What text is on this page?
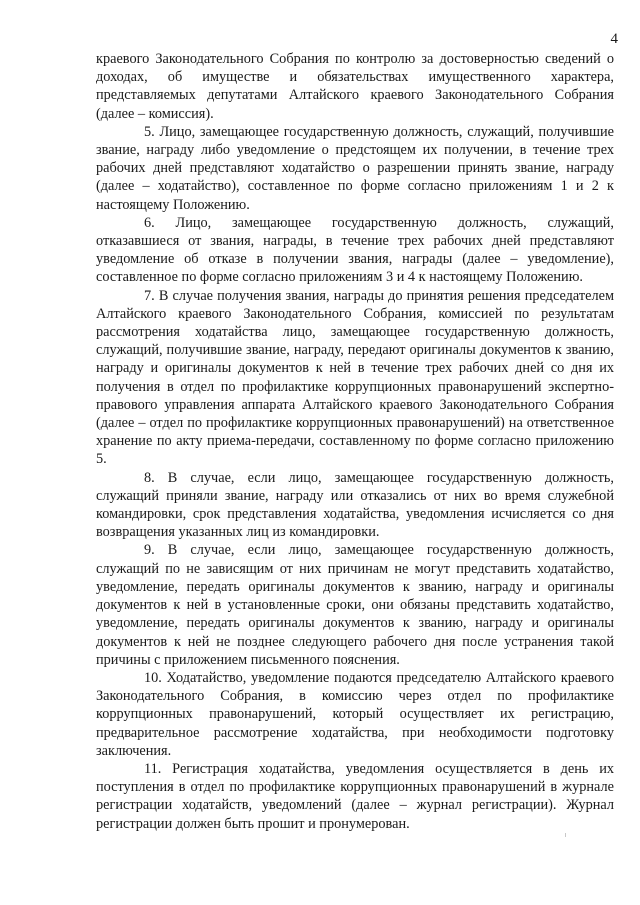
4

краевого Законодательного Собрания по контролю за достоверностью сведений о доходах, об имуществе и обязательствах имущественного характера, представляемых депутатами Алтайского краевого Законодательного Собрания (далее – комиссия).

5. Лицо, замещающее государственную должность, служащий, получившие звание, награду либо уведомление о предстоящем их получении, в течение трех рабочих дней представляют ходатайство о разрешении принять звание, награду (далее – ходатайство), составленное по форме согласно приложениям 1 и 2 к настоящему Положению.

6. Лицо, замещающее государственную должность, служащий, отказавшиеся от звания, награды, в течение трех рабочих дней представляют уведомление об отказе в получении звания, награды (далее – уведомление), составленное по форме согласно приложениям 3 и 4 к настоящему Положению.

7. В случае получения звания, награды до принятия решения председателем Алтайского краевого Законодательного Собрания, комиссией по результатам рассмотрения ходатайства лицо, замещающее государственную должность, служащий, получившие звание, награду, передают оригиналы документов к званию, награду и оригиналы документов к ней в течение трех рабочих дней со дня их получения в отдел по профилактике коррупционных правонарушений экспертно-правового управления аппарата Алтайского краевого Законодательного Собрания (далее – отдел по профилактике коррупционных правонарушений) на ответственное хранение по акту приема-передачи, составленному по форме согласно приложению 5.

8. В случае, если лицо, замещающее государственную должность, служащий приняли звание, награду или отказались от них во время служебной командировки, срок представления ходатайства, уведомления исчисляется со дня возвращения указанных лиц из командировки.

9. В случае, если лицо, замещающее государственную должность, служащий по не зависящим от них причинам не могут представить ходатайство, уведомление, передать оригиналы документов к званию, награду и оригиналы документов к ней в установленные сроки, они обязаны представить ходатайство, уведомление, передать оригиналы документов к званию, награду и оригиналы документов к ней не позднее следующего рабочего дня после устранения такой причины с приложением письменного пояснения.

10. Ходатайство, уведомление подаются председателю Алтайского краевого Законодательного Собрания, в комиссию через отдел по профилактике коррупционных правонарушений, который осуществляет их регистрацию, предварительное рассмотрение ходатайства, при необходимости подготовку заключения.

11. Регистрация ходатайства, уведомления осуществляется в день их поступления в отдел по профилактике коррупционных правонарушений в журнале регистрации ходатайств, уведомлений (далее – журнал регистрации). Журнал регистрации должен быть прошит и пронумерован.
